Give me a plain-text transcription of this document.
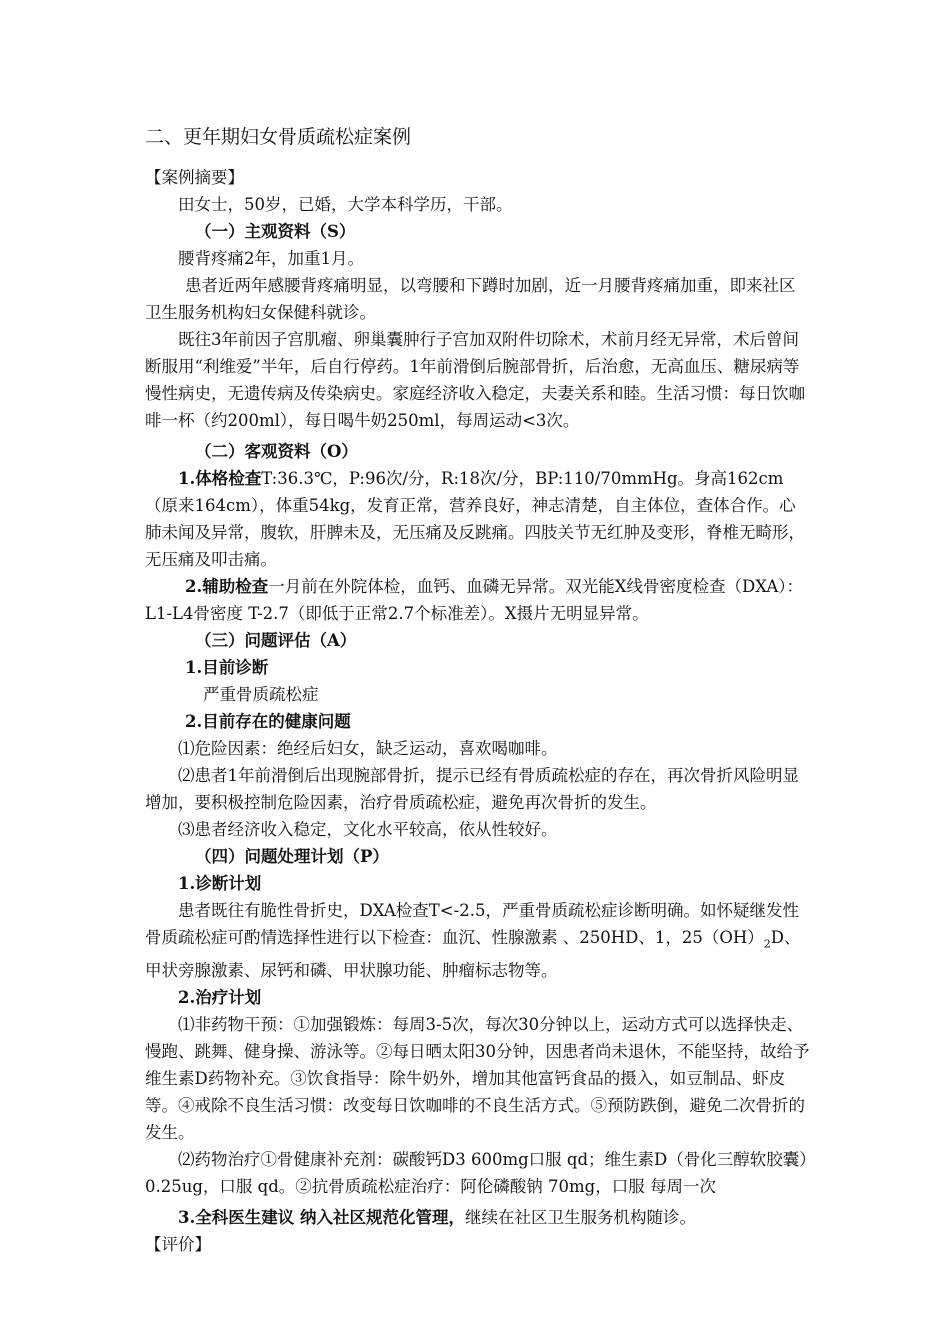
二、更年期妇女骨质疏松症案例

【案例摘要】

田女士，50岁，已婚，大学本科学历，干部。

（一）主观资料（S）

腰背疼痛2年，加重1月。

患者近两年感腰背疼痛明显，以弯腰和下蹲时加剧，近一月腰背疼痛加重，即来社区卫生服务机构妇女保健科就诊。

既往3年前因子宫肌瘤、卵巢囊肿行子宫加双附件切除术，术前月经无异常，术后曾间断服用“利维爱”半年，后自行停药。1年前滑倒后腕部骨折，后治愈，无高血压、糖尿病等慢性病史，无遗传病及传染病史。家庭经济收入稳定，夫妻关系和睦。生活习惯：每日饮咖啡一杯（约200ml），每日喝牛奶250ml，每周运动<3次。

（二）客观资料（O）

1.体格检查T:36.3℃，P:96次/分，R:18次/分，BP:110/70mmHg。身高162cm（原来164cm），体重54kg，发育正常，营养良好，神志清楚，自主体位，查体合作。心肺未闻及异常，腹软，肝脾未及，无压痛及反跳痛。四肢关节无红肿及变形，脊椎无畸形，无压痛及叩击痛。

2.辅助检查一月前在外院体检，血钙、血磷无异常。双光能X线骨密度检查（DXA）：L1-L4骨密度 T-2.7（即低于正常2.7个标准差）。X摄片无明显异常。

（三）问题评估（A）

1.目前诊断

严重骨质疏松症

2.目前存在的健康问题

⑴危险因素：绝经后妇女，缺乏运动，喜欢喝咖啡。

⑵患者1年前滑倒后出现腕部骨折，提示已经有骨质疏松症的存在，再次骨折风险明显增加，要积极控制危险因素，治疗骨质疏松症，避免再次骨折的发生。

⑶患者经济收入稳定，文化水平较高，依从性较好。

（四）问题处理计划（P）

1.诊断计划

患者既往有脆性骨折史，DXA检查T<-2.5，严重骨质疏松症诊断明确。如怀疑继发性骨质疏松症可酌情选择性进行以下检查：血沉、性腺激素 、250HD、1，$25(OH)_2D$、甲状旁腺激素、尿钙和磷、甲状腺功能、肿瘤标志物等。

2.治疗计划

⑴非药物干预：①加强锻炼：每周3-5次，每次30分钟以上，运动方式可以选择快走、慢跑、跳舞、健身操、游泳等。②每日晒太阳30分钟，因患者尚未退休，不能坚持，故给予维生素D药物补充。③饮食指导：除牛奶外，增加其他富钙食品的摄入，如豆制品、虾皮等。④戒除不良生活习惯：改变每日饮咖啡的不良生活方式。⑤预防跌倒，避免二次骨折的发生。

⑵药物治疗①骨健康补充剂：碳酸钙D3 600mg口服 qd；维生素D（骨化三醇软胶囊）0.25ug，口服 qd。②抗骨质疏松症治疗：阿伦磷酸钠 70mg，口服 每周一次

3.全科医生建议 纳入社区规范化管理，继续在社区卫生服务机构随诊。

【评价】
